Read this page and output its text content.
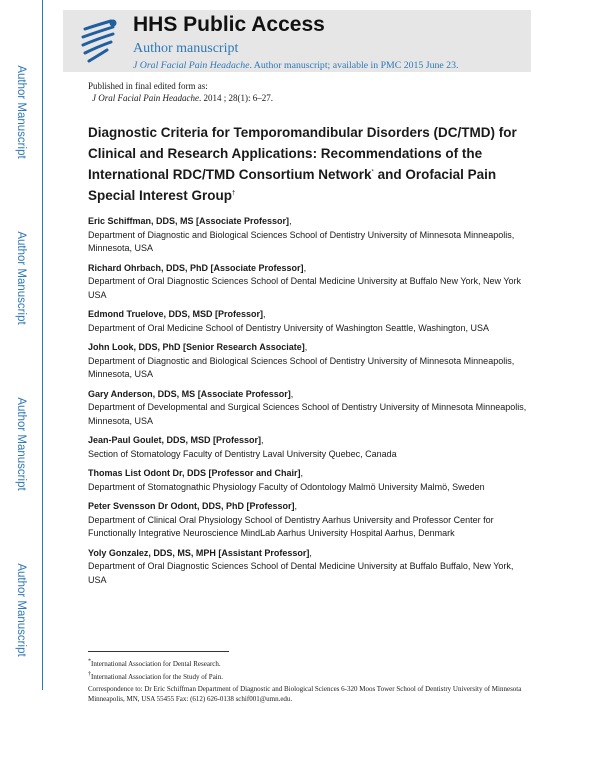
Author Manuscript
Author Manuscript
Author Manuscript
Author Manuscript
HHS Public Access
Author manuscript
J Oral Facial Pain Headache. Author manuscript; available in PMC 2015 June 23.
Published in final edited form as:
J Oral Facial Pain Headache. 2014 ; 28(1): 6–27.
Diagnostic Criteria for Temporomandibular Disorders (DC/TMD) for Clinical and Research Applications: Recommendations of the International RDC/TMD Consortium Network* and Orofacial Pain Special Interest Group†
Eric Schiffman, DDS, MS [Associate Professor],
Department of Diagnostic and Biological Sciences School of Dentistry University of Minnesota Minneapolis, Minnesota, USA
Richard Ohrbach, DDS, PhD [Associate Professor],
Department of Oral Diagnostic Sciences School of Dental Medicine University at Buffalo New York, New York USA
Edmond Truelove, DDS, MSD [Professor],
Department of Oral Medicine School of Dentistry University of Washington Seattle, Washington, USA
John Look, DDS, PhD [Senior Research Associate],
Department of Diagnostic and Biological Sciences School of Dentistry University of Minnesota Minneapolis, Minnesota, USA
Gary Anderson, DDS, MS [Associate Professor],
Department of Developmental and Surgical Sciences School of Dentistry University of Minnesota Minneapolis, Minnesota, USA
Jean-Paul Goulet, DDS, MSD [Professor],
Section of Stomatology Faculty of Dentistry Laval University Quebec, Canada
Thomas List Odont Dr, DDS [Professor and Chair],
Department of Stomatognathic Physiology Faculty of Odontology Malmö University Malmö, Sweden
Peter Svensson Dr Odont, DDS, PhD [Professor],
Department of Clinical Oral Physiology School of Dentistry Aarhus University and Professor Center for Functionally Integrative Neuroscience MindLab Aarhus University Hospital Aarhus, Denmark
Yoly Gonzalez, DDS, MS, MPH [Assistant Professor],
Department of Oral Diagnostic Sciences School of Dental Medicine University at Buffalo Buffalo, New York, USA
*International Association for Dental Research.
†International Association for the Study of Pain.
Correspondence to: Dr Eric Schiffman Department of Diagnostic and Biological Sciences 6-320 Moos Tower School of Dentistry University of Minnesota Minneapolis, MN, USA 55455 Fax: (612) 626-0138 schif001@umn.edu.
